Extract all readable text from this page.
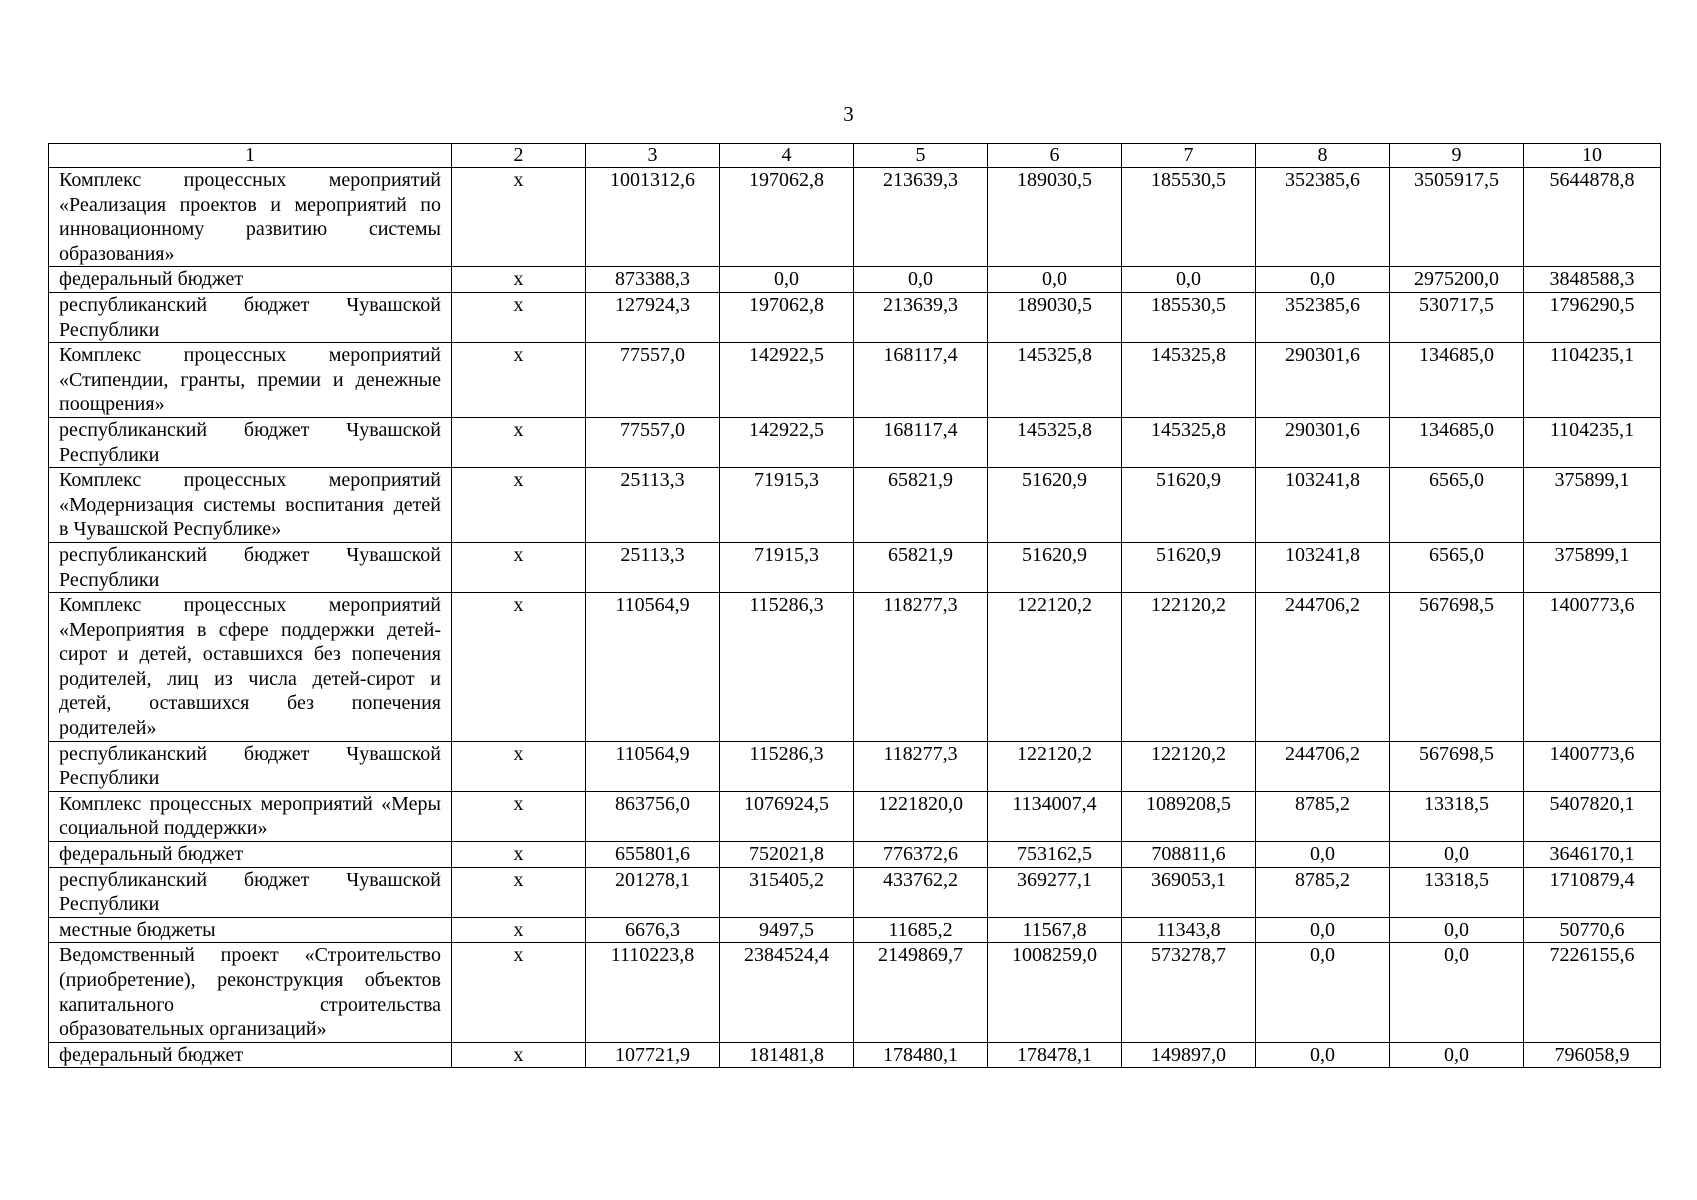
3
1	2	3	4	5	6	7	8	9	10
Комплекс процессных мероприятий «Реализация проектов и мероприятий по инновационному развитию системы образования»	x	1001312,6	197062,8	213639,3	189030,5	185530,5	352385,6	3505917,5	5644878,8
федеральный бюджет	x	873388,3	0,0	0,0	0,0	0,0	0,0	2975200,0	3848588,3
республиканский бюджет Чувашской Республики	x	127924,3	197062,8	213639,3	189030,5	185530,5	352385,6	530717,5	1796290,5
Комплекс процессных мероприятий «Стипендии, гранты, премии и денежные поощрения»	x	77557,0	142922,5	168117,4	145325,8	145325,8	290301,6	134685,0	1104235,1
республиканский бюджет Чувашской Республики	x	77557,0	142922,5	168117,4	145325,8	145325,8	290301,6	134685,0	1104235,1
Комплекс процессных мероприятий «Модернизация системы воспитания детей в Чувашской Республике»	x	25113,3	71915,3	65821,9	51620,9	51620,9	103241,8	6565,0	375899,1
республиканский бюджет Чувашской Республики	x	25113,3	71915,3	65821,9	51620,9	51620,9	103241,8	6565,0	375899,1
Комплекс процессных мероприятий «Мероприятия в сфере поддержки детей-сирот и детей, оставшихся без попечения родителей, лиц из числа детей-сирот и детей, оставшихся без попечения родителей»	x	110564,9	115286,3	118277,3	122120,2	122120,2	244706,2	567698,5	1400773,6
республиканский бюджет Чувашской Республики	x	110564,9	115286,3	118277,3	122120,2	122120,2	244706,2	567698,5	1400773,6
Комплекс процессных мероприятий «Меры социальной поддержки»	x	863756,0	1076924,5	1221820,0	1134007,4	1089208,5	8785,2	13318,5	5407820,1
федеральный бюджет	x	655801,6	752021,8	776372,6	753162,5	708811,6	0,0	0,0	3646170,1
республиканский бюджет Чувашской Республики	x	201278,1	315405,2	433762,2	369277,1	369053,1	8785,2	13318,5	1710879,4
местные бюджеты	x	6676,3	9497,5	11685,2	11567,8	11343,8	0,0	0,0	50770,6
Ведомственный проект «Строительство (приобретение), реконструкция объектов капитального строительства образовательных организаций»	x	1110223,8	2384524,4	2149869,7	1008259,0	573278,7	0,0	0,0	7226155,6
федеральный бюджет	x	107721,9	181481,8	178480,1	178478,1	149897,0	0,0	0,0	796058,9
